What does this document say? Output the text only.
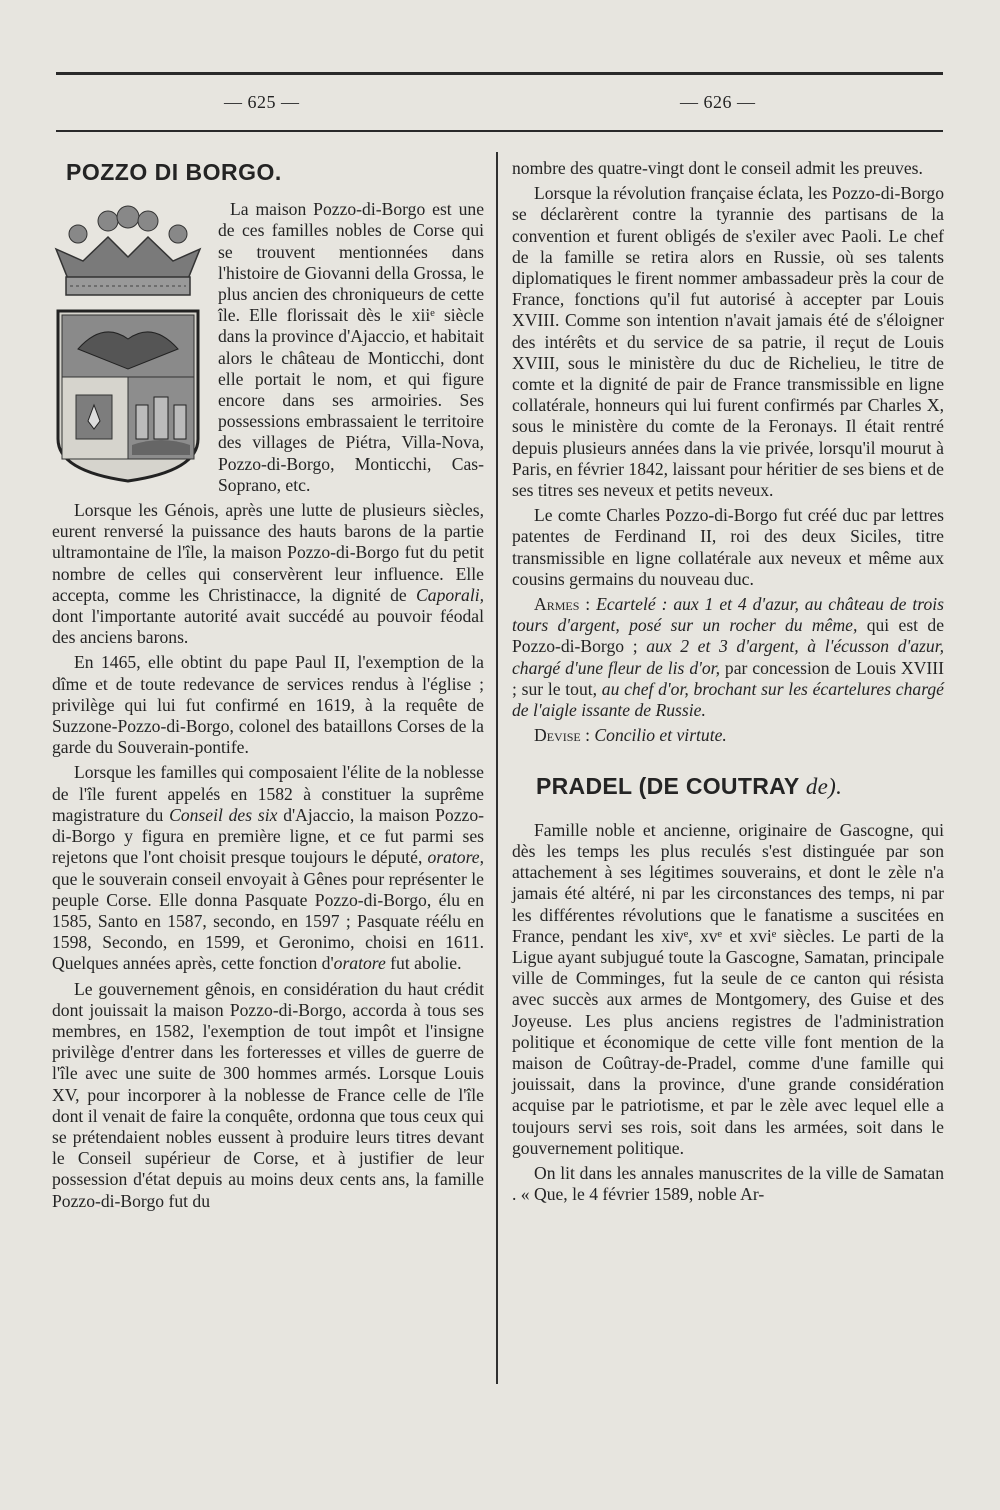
— 625 —	— 626 —
POZZO DI BORGO.

La maison Pozzo-di-Borgo est une de ces familles nobles de Corse qui se trouvent mentionnées dans l'histoire de Giovanni della Grossa, le plus ancien des chroniqueurs de cette île. Elle florissait dès le xiiᵉ siècle dans la province d'Ajaccio, et habitait alors le château de Monticchi, dont elle portait le nom, et qui figure encore dans ses armoiries. Ses possessions embrassaient le territoire des villages de Piétra, Villa-Nova, Pozzo-di-Borgo, Monticchi, Cas-Soprano, etc.

Lorsque les Génois, après une lutte de plusieurs siècles, eurent renversé la puissance des hauts barons de la partie ultramontaine de l'île, la maison Pozzo-di-Borgo fut du petit nombre de celles qui conservèrent leur influence. Elle accepta, comme les Christinacce, la dignité de Caporali, dont l'importante autorité avait succédé au pouvoir féodal des anciens barons.

En 1465, elle obtint du pape Paul II, l'exemption de la dîme et de toute redevance de services rendus à l'église ; privilège qui lui fut confirmé en 1619, à la requête de Suzzone-Pozzo-di-Borgo, colonel des bataillons Corses de la garde du Souverain-pontife.

Lorsque les familles qui composaient l'élite de la noblesse de l'île furent appelés en 1582 à constituer la suprême magistrature du Conseil des six d'Ajaccio, la maison Pozzo-di-Borgo y figura en première ligne, et ce fut parmi ses rejetons que l'ont choisit presque toujours le député, oratore, que le souverain conseil envoyait à Gênes pour représenter le peuple Corse. Elle donna Pasquate Pozzo-di-Borgo, élu en 1585, Santo en 1587, secondo, en 1597 ; Pasquate réélu en 1598, Secondo, en 1599, et Geronimo, choisi en 1611. Quelques années après, cette fonction d'oratore fut abolie.

Le gouvernement gênois, en considération du haut crédit dont jouissait la maison Pozzo-di-Borgo, accorda à tous ses membres, en 1582, l'exemption de tout impôt et l'insigne privilège d'entrer dans les forteresses et villes de guerre de l'île avec une suite de 300 hommes armés. Lorsque Louis XV, pour incorporer à la noblesse de France celle de l'île dont il venait de faire la conquête, ordonna que tous ceux qui se prétendaient nobles eussent à produire leurs titres devant le Conseil supérieur de Corse, et à justifier de leur possession d'état depuis au moins deux cents ans, la famille Pozzo-di-Borgo fut du

nombre des quatre-vingt dont le conseil admit les preuves.

Lorsque la révolution française éclata, les Pozzo-di-Borgo se déclarèrent contre la tyrannie des partisans de la convention et furent obligés de s'exiler avec Paoli. Le chef de la famille se retira alors en Russie, où ses talents diplomatiques le firent nommer ambassadeur près la cour de France, fonctions qu'il fut autorisé à accepter par Louis XVIII. Comme son intention n'avait jamais été de s'éloigner des intérêts et du service de sa patrie, il reçut de Louis XVIII, sous le ministère du duc de Richelieu, le titre de comte et la dignité de pair de France transmissible en ligne collatérale, honneurs qui lui furent confirmés par Charles X, sous le ministère du comte de la Feronays. Il était rentré depuis plusieurs années dans la vie privée, lorsqu'il mourut à Paris, en février 1842, laissant pour héritier de ses biens et de ses titres ses neveux et petits neveux.

Le comte Charles Pozzo-di-Borgo fut créé duc par lettres patentes de Ferdinand II, roi des deux Siciles, titre transmissible en ligne collatérale aux neveux et même aux cousins germains du nouveau duc.

Armes : Ecartelé : aux 1 et 4 d'azur, au château de trois tours d'argent, posé sur un rocher du même, qui est de Pozzo-di-Borgo ; aux 2 et 3 d'argent, à l'écusson d'azur, chargé d'une fleur de lis d'or, par concession de Louis XVIII ; sur le tout, au chef d'or, brochant sur les écartelures chargé de l'aigle issante de Russie.

Devise : Concilio et virtute.

PRADEL (DE COUTRAY de).

Famille noble et ancienne, originaire de Gascogne, qui dès les temps les plus reculés s'est distinguée par son attachement à ses légitimes souverains, et dont le zèle n'a jamais été altéré, ni par les circonstances des temps, ni par les différentes révolutions que le fanatisme a suscitées en France, pendant les xivᵉ, xvᵉ et xviᵉ siècles. Le parti de la Ligue ayant subjugué toute la Gascogne, Samatan, principale ville de Comminges, fut la seule de ce canton qui résista avec succès aux armes de Montgomery, des Guise et des Joyeuse. Les plus anciens registres de l'administration politique et économique de cette ville font mention de la maison de Coûtray-de-Pradel, comme d'une famille qui jouissait, dans la province, d'une grande considération acquise par le patriotisme, et par le zèle avec lequel elle a toujours servi ses rois, soit dans les armées, soit dans le gouvernement politique.

On lit dans les annales manuscrites de la ville de Samatan . « Que, le 4 février 1589, noble Ar-
